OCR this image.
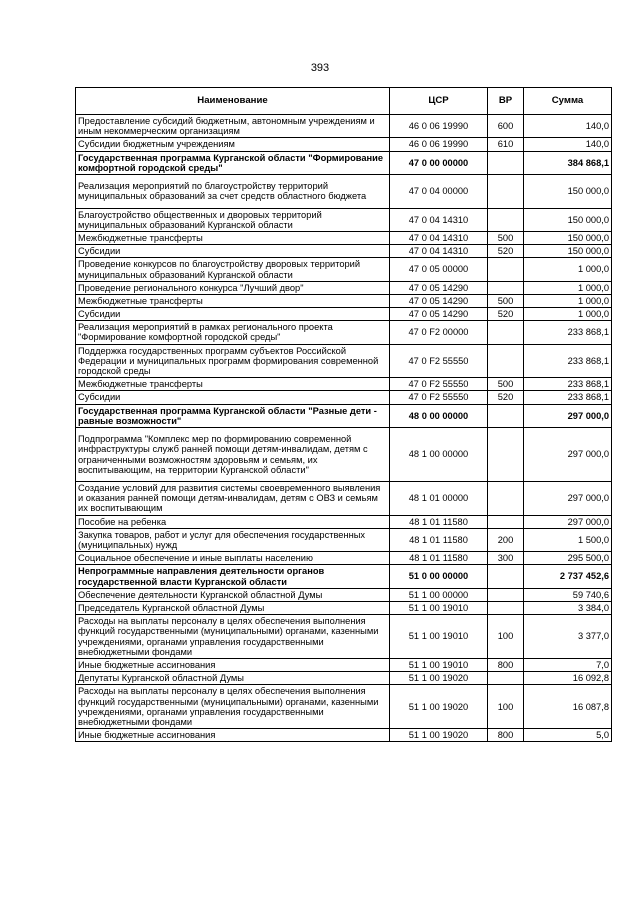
393
Наименование	ЦСР	ВР	Сумма
Предоставление субсидий бюджетным, автономным учреждениям и иным некоммерческим организациям	46 0 06 19990	600	140,0
Субсидии бюджетным учреждениям	46 0 06 19990	610	140,0
Государственная программа Курганской области "Формирование комфортной городской среды"	47 0 00 00000		384 868,1
Реализация мероприятий по благоустройству территорий муниципальных образований за счет средств областного бюджета	47 0 04 00000		150 000,0
Благоустройство общественных и дворовых территорий муниципальных образований Курганской области	47 0 04 14310		150 000,0
Межбюджетные трансферты	47 0 04 14310	500	150 000,0
Субсидии	47 0 04 14310	520	150 000,0
Проведение конкурсов по благоустройству дворовых территорий муниципальных образований Курганской области	47 0 05 00000		1 000,0
Проведение регионального конкурса "Лучший двор"	47 0 05 14290		1 000,0
Межбюджетные трансферты	47 0 05 14290	500	1 000,0
Субсидии	47 0 05 14290	520	1 000,0
Реализация мероприятий в рамках регионального проекта "Формирование комфортной городской среды"	47 0 F2 00000		233 868,1
Поддержка государственных программ субъектов Российской Федерации и муниципальных программ формирования современной городской среды	47 0 F2 55550		233 868,1
Межбюджетные трансферты	47 0 F2 55550	500	233 868,1
Субсидии	47 0 F2 55550	520	233 868,1
Государственная программа Курганской области "Разные дети - равные возможности"	48 0 00 00000		297 000,0
Подпрограмма "Комплекс мер по формированию современной инфраструктуры служб ранней помощи детям-инвалидам, детям с ограниченными возможностям здоровьям и семьям, их воспитывающим, на территории Курганской области"	48 1 00 00000		297 000,0
Создание условий для развития системы своевременного выявления и оказания ранней помощи детям-инвалидам, детям с ОВЗ и семьям их воспитывающим	48 1 01 00000		297 000,0
Пособие на ребенка	48 1 01 11580		297 000,0
Закупка товаров, работ и услуг для обеспечения государственных (муниципальных) нужд	48 1 01 11580	200	1 500,0
Социальное обеспечение и иные выплаты населению	48 1 01 11580	300	295 500,0
Непрограммные направления деятельности органов государственной власти Курганской области	51 0 00 00000		2 737 452,6
Обеспечение деятельности Курганской областной Думы	51 1 00 00000		59 740,6
Председатель Курганской областной Думы	51 1 00 19010		3 384,0
Расходы на выплаты персоналу в целях обеспечения выполнения функций государственными (муниципальными) органами, казенными учреждениями, органами управления государственными внебюджетными фондами	51 1 00 19010	100	3 377,0
Иные бюджетные ассигнования	51 1 00 19010	800	7,0
Депутаты Курганской областной Думы	51 1 00 19020		16 092,8
Расходы на выплаты персоналу в целях обеспечения выполнения функций государственными (муниципальными) органами, казенными учреждениями, органами управления государственными внебюджетными фондами	51 1 00 19020	100	16 087,8
Иные бюджетные ассигнования	51 1 00 19020	800	5,0
